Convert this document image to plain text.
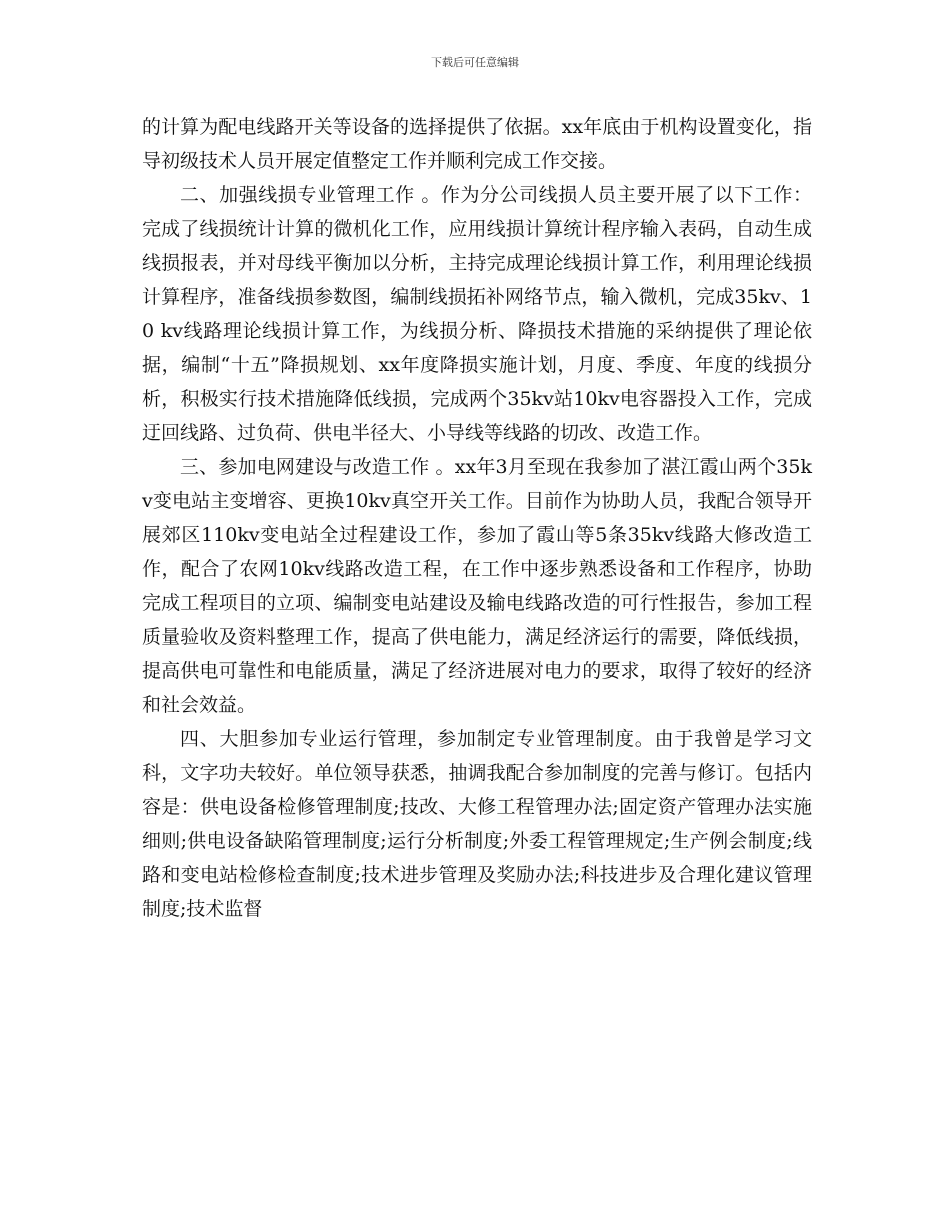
下载后可任意编辑

的计算为配电线路开关等设备的选择提供了依据。xx年底由于机构设置变化，指导初级技术人员开展定值整定工作并顺利完成工作交接。

二、加强线损专业管理工作 。作为分公司线损人员主要开展了以下工作：完成了线损统计计算的微机化工作，应用线损计算统计程序输入表码，自动生成线损报表，并对母线平衡加以分析，主持完成理论线损计算工作，利用理论线损计算程序，准备线损参数图，编制线损拓补网络节点，输入微机，完成35kv、10 kv线路理论线损计算工作，为线损分析、降损技术措施的采纳提供了理论依据，编制“十五”降损规划、xx年度降损实施计划，月度、季度、年度的线损分析，积极实行技术措施降低线损，完成两个35kv站10kv电容器投入工作，完成迂回线路、过负荷、供电半径大、小导线等线路的切改、改造工作。

三、参加电网建设与改造工作 。xx年3月至现在我参加了湛江霞山两个35kv变电站主变增容、更换10kv真空开关工作。目前作为协助人员，我配合领导开展郊区110kv变电站全过程建设工作，参加了霞山等5条35kv线路大修改造工作，配合了农网10kv线路改造工程，在工作中逐步熟悉设备和工作程序，协助完成工程项目的立项、编制变电站建设及输电线路改造的可行性报告，参加工程质量验收及资料整理工作，提高了供电能力，满足经济运行的需要，降低线损，提高供电可靠性和电能质量，满足了经济进展对电力的要求，取得了较好的经济和社会效益。

四、大胆参加专业运行管理，参加制定专业管理制度。由于我曾是学习文科，文字功夫较好。单位领导获悉，抽调我配合参加制度的完善与修订。包括内容是：供电设备检修管理制度;技改、大修工程管理办法;固定资产管理办法实施细则;供电设备缺陷管理制度;运行分析制度;外委工程管理规定;生产例会制度;线路和变电站检修检查制度;技术进步管理及奖励办法;科技进步及合理化建议管理制度;技术监督
